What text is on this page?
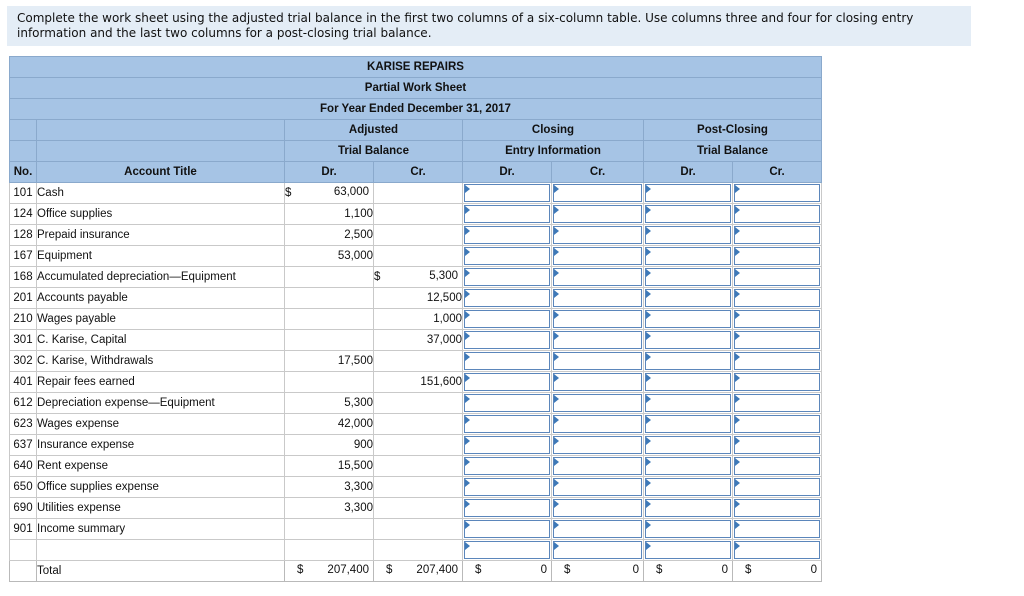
Complete the work sheet using the adjusted trial balance in the first two columns of a six-column table. Use columns three and four for closing entry information and the last two columns for a post-closing trial balance.
KARISE REPAIRS							
Partial Work Sheet							
For Year Ended December 31, 2017							
		Adjusted		Closing		Post-Closing	
		Trial Balance		Entry Information		Trial Balance	
No.	Account Title	Dr.	Cr.	Dr.	Cr.	Dr.	Cr.
101	Cash	$ 63,000					

124	Office supplies	1,100		

128	Prepaid insurance	2,500		

167	Equipment	53,000		

168	Accumulated depreciation—Equipment		$ 5,300				

201	Accounts payable		12,500	

210	Wages payable		1,000	

301	C. Karise, Capital		37,000	

302	C. Karise, Withdrawals	17,500		

401	Repair fees earned		151,600	

612	Depreciation expense—Equipment	5,300		

623	Wages expense	42,000		

637	Insurance expense	900		

640	Rent expense	15,500		

650	Office supplies expense	3,300		

690	Utilities expense	3,300		

901	Income summary			

	Total	$ 207,400	$ 207,400	$ 0	$ 0	$ 0	$ 0
